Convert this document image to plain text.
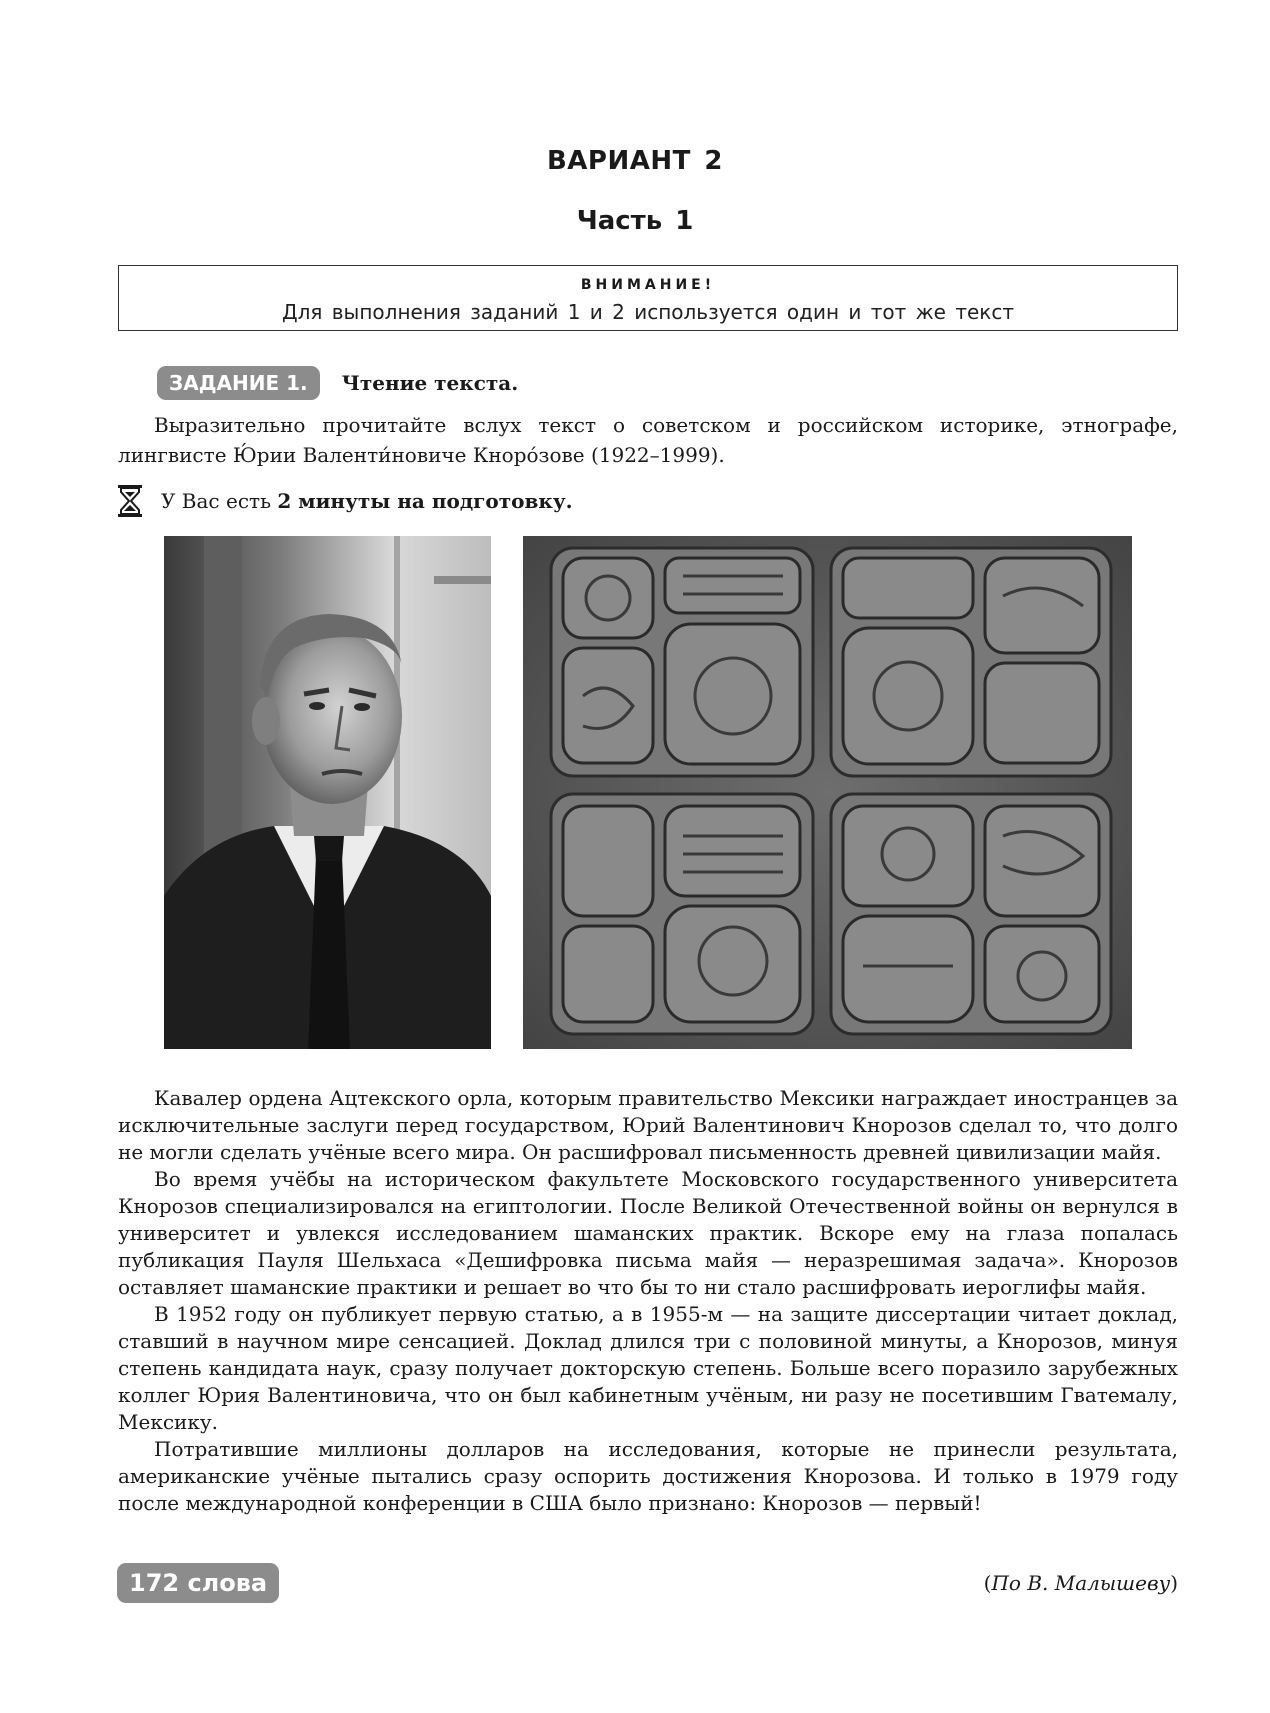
ВАРИАНТ 2
Часть 1
ВНИМАНИЕ!
Для выполнения заданий 1 и 2 используется один и тот же текст
ЗАДАНИЕ 1.	Чтение текста.
Выразительно прочитайте вслух текст о советском и российском историке, этнографе, лингвисте Ю́рии Валенти́новиче Кноро́зове (1922–1999).
У Вас есть 2 минуты на подготовку.

Кавалер ордена Ацтекского орла, которым правительство Мексики награждает иностранцев за исключительные заслуги перед государством, Юрий Валентинович Кнорозов сделал то, что долго не могли сделать учёные всего мира. Он расшифровал письменность древней цивилизации майя.

Во время учёбы на историческом факультете Московского государственного университета Кнорозов специализировался на египтологии. После Великой Отечественной войны он вернулся в университет и увлекся исследованием шаманских практик. Вскоре ему на глаза попалась публикация Пауля Шельхаса «Дешифровка письма майя — неразрешимая задача». Кнорозов оставляет шаманские практики и решает во что бы то ни стало расшифровать иероглифы майя.

В 1952 году он публикует первую статью, а в 1955-м — на защите диссертации читает доклад, ставший в научном мире сенсацией. Доклад длился три с половиной минуты, а Кнорозов, минуя степень кандидата наук, сразу получает докторскую степень. Больше всего поразило зарубежных коллег Юрия Валентиновича, что он был кабинетным учёным, ни разу не посетившим Гватемалу, Мексику.

Потратившие миллионы долларов на исследования, которые не принесли результата, американские учёные пытались сразу оспорить достижения Кнорозова. И только в 1979 году после международной конференции в США было признано: Кнорозов — первый!

172 слова	(По В. Малышеву)
